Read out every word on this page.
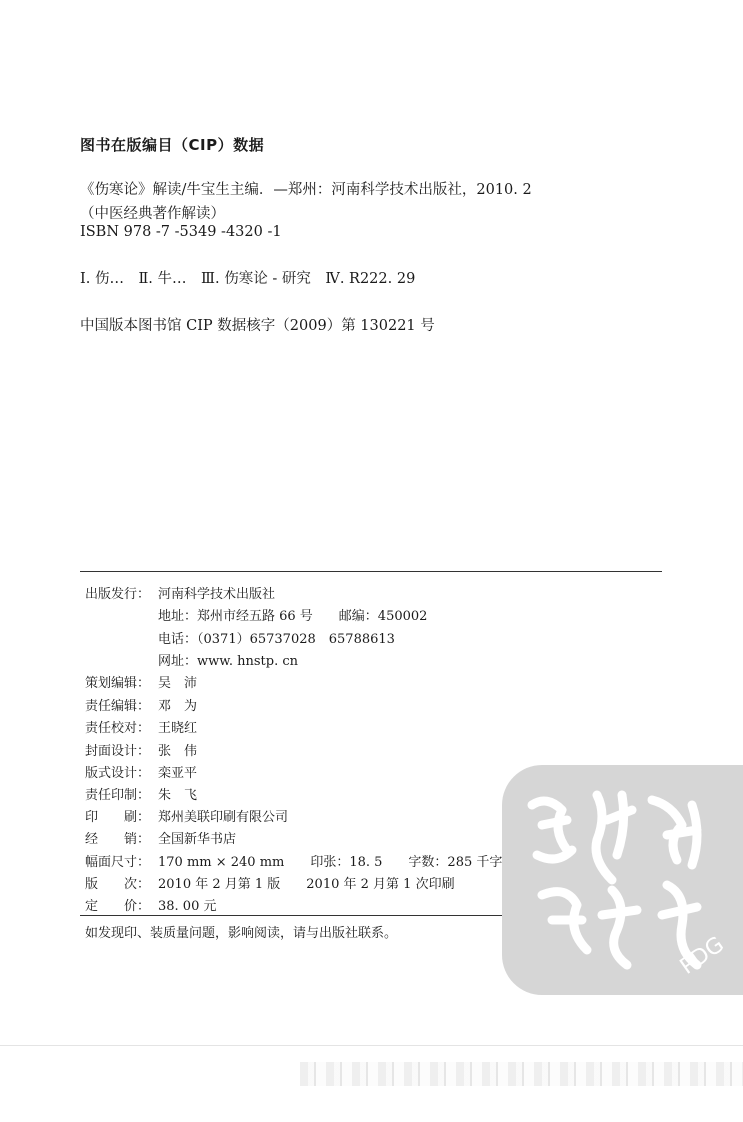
图书在版编目（CIP）数据
《伤寒论》解读/牛宝生主编．—郑州：河南科学技术出版社，2010. 2
（中医经典著作解读）
ISBN 978 -7 -5349 -4320 -1
Ⅰ. 伤…　Ⅱ. 牛…　Ⅲ. 伤寒论 - 研究　Ⅳ. R222. 29
中国版本图书馆 CIP 数据核字（2009）第 130221 号
出版发行： 河南科学技术出版社
地址：郑州市经五路 66 号　　邮编：450002
电话：（0371）65737028　65788613
网址：www. hnstp. cn
策划编辑： 吴　沛
责任编辑： 邓　为
责任校对： 王晓红
封面设计： 张　伟
版式设计： 栾亚平
责任印制： 朱　飞
印　　刷： 郑州美联印刷有限公司
经　　销： 全国新华书店
幅面尺寸： 170 mm × 240 mm　　印张：18. 5　　字数：285 千字
版　　次： 2010 年 2 月第 1 版　　2010 年 2 月第 1 次印刷
定　　价： 38. 00 元
如发现印、装质量问题，影响阅读，请与出版社联系。	PDG
